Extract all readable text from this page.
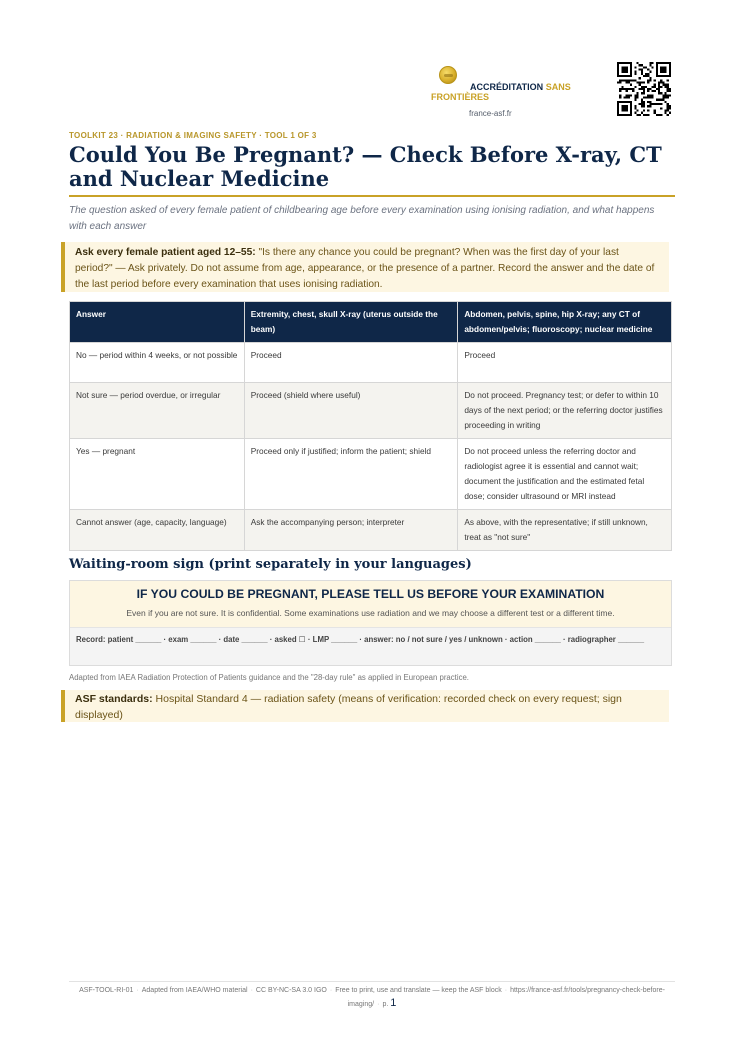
ACCRÉDITATION SANS
FRONTIÈRES
france-asf.fr
TOOLKIT 23 · RADIATION & IMAGING SAFETY · TOOL 1 OF 3
Could You Be Pregnant? — Check Before X-ray, CT and Nuclear Medicine
The question asked of every female patient of childbearing age before every examination using ionising radiation, and what happens with each answer
Ask every female patient aged 12–55: "Is there any chance you could be pregnant? When was the first day of your last period?" — Ask privately. Do not assume from age, appearance, or the presence of a partner. Record the answer and the date of the last period before every examination that uses ionising radiation.
Answer	Extremity, chest, skull X-ray (uterus outside the beam)	Abdomen, pelvis, spine, hip X-ray; any CT of abdomen/pelvis; fluoroscopy; nuclear medicine
No — period within 4 weeks, or not possible	Proceed	Proceed
Not sure — period overdue, or irregular	Proceed (shield where useful)	Do not proceed. Pregnancy test; or defer to within 10 days of the next period; or the referring doctor justifies proceeding in writing
Yes — pregnant	Proceed only if justified; inform the patient; shield	Do not proceed unless the referring doctor and radiologist agree it is essential and cannot wait; document the justification and the estimated fetal dose; consider ultrasound or MRI instead
Cannot answer (age, capacity, language)	Ask the accompanying person; interpreter	As above, with the representative; if still unknown, treat as "not sure"
Waiting-room sign (print separately in your languages)
IF YOU COULD BE PREGNANT, PLEASE TELL US BEFORE YOUR EXAMINATION
Even if you are not sure. It is confidential. Some examinations use radiation and we may choose a different test or a different time.
Record: patient ______ · exam ______ · date ______ · asked ☐ · LMP ______ · answer: no / not sure / yes / unknown · action ______ · radiographer ______
Adapted from IAEA Radiation Protection of Patients guidance and the "28-day rule" as applied in European practice.
ASF standards: Hospital Standard 4 — radiation safety (means of verification: recorded check on every request; sign displayed)
ASF-TOOL-RI-01 · Adapted from IAEA/WHO material · CC BY-NC-SA 3.0 IGO · Free to print, use and translate — keep the ASF block · https://france-asf.fr/tools/pregnancy-check-before-imaging/ · p. 1
